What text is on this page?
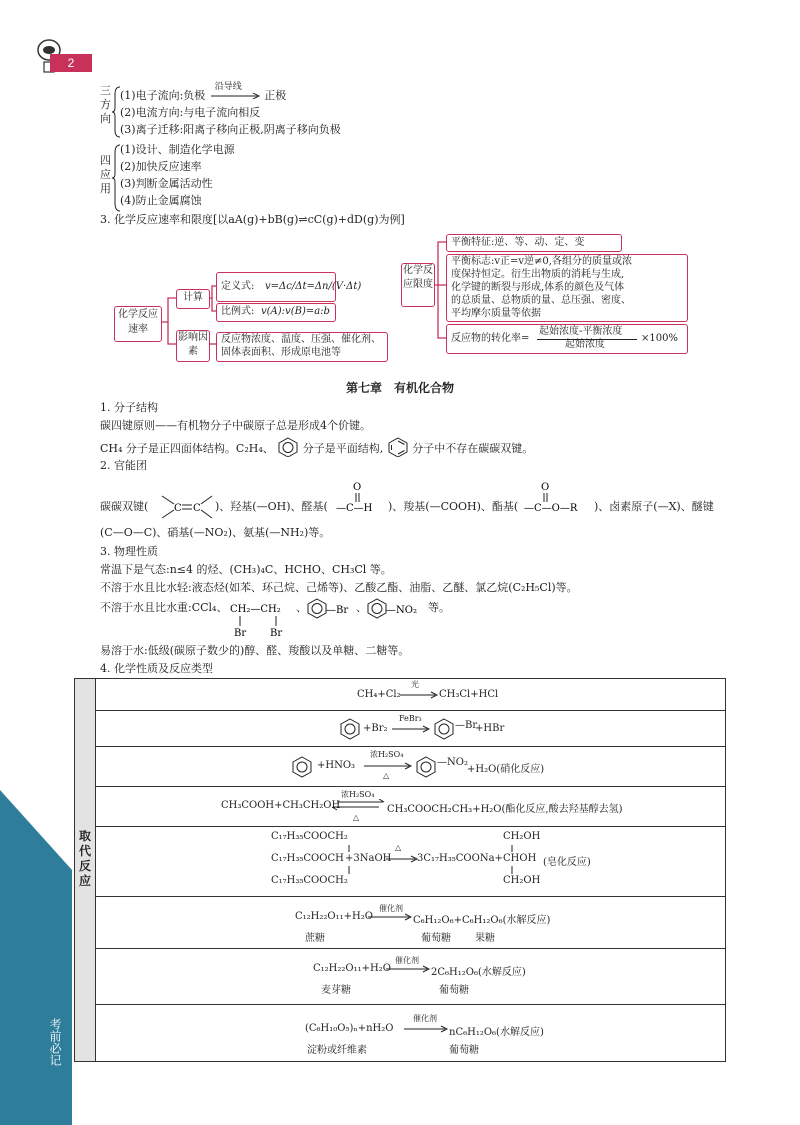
考前必记
2
三
方
向
(1)电子流向:负极
沿导线
正极
(2)电流方向:与电子流向相反
(3)离子迁移:阳离子移向正极,阴离子移向负极
四
应
用
(1)设计、制造化学电源
(2)加快反应速率
(3)判断金属活动性
(4)防止金属腐蚀
3. 化学反应速率和限度[以aA(g)+bB(g)⇌cC(g)+dD(g)为例]
化学反应速率
计算
定义式: v=Δc/Δt=Δn/(V·Δt)
比例式: v(A):v(B)=a:b
影响因素
反应物浓度、温度、压强、催化剂、
固体表面积、形成原电池等
化学反应限度
平衡特征:逆、等、动、定、变
平衡标志:v正=v逆≠0,各组分的质量或浓
度保持恒定。衍生出物质的消耗与生成,
化学键的断裂与形成,体系的颜色及气体
的总质量、总物质的量、总压强、密度、
平均摩尔质量等依据
反应物的转化率=
起始浓度-平衡浓度
起始浓度
×100%
第七章　有机化合物
1. 分子结构
碳四键原则——有机物分子中碳原子总是形成4个价键。
CH₄ 分子是正四面体结构。C₂H₄、	分子是平面结构,	分子中不存在碳碳双键。
2. 官能团
碳碳双键(	C C )、羟基(—OH)、醛基(
O
—C—H )、羧基(—COOH)、酯基(
O
—C—O—R )、卤素原子(—X)、醚键
(C—O—C)、硝基(—NO₂)、氨基(—NH₂)等。
3. 物理性质
常温下是气态:n≤4 的烃、(CH₃)₄C、HCHO、CH₃Cl 等。
不溶于水且比水轻:液态烃(如苯、环己烷、己烯等)、乙酸乙酯、油脂、乙醚、氯乙烷(C₂H₅Cl)等。
不溶于水且比水重:CCl₄、 CH₂—CH₂
Br Br
、 —Br 、 —NO₂ 等。
易溶于水:低级(碳原子数少的)醇、醛、羧酸以及单糖、二糖等。
4. 化学性质及反应类型
取代反应
CH₄+Cl₂
光
CH₃Cl+HCl
+Br₂
FeBr₃
—Br
+HBr
+HNO₃
浓H₂SO₄
△
—NO₂
+H₂O(硝化反应)
CH₃COOH+CH₃CH₂OH
浓H₂SO₄
△
CH₃COOCH₂CH₃+H₂O(酯化反应,酸去羟基醇去氢)
C₁₇H₃₅COOCH₂
C₁₇H₃₅COOCH
C₁₇H₃₅COOCH₂
+3NaOH
△
3C₁₇H₃₅COONa+
CH₂OH
CHOH
CH₂OH
(皂化反应)
C₁₂H₂₂O₁₁+H₂O
催化剂
C₆H₁₂O₆+C₆H₁₂O₆(水解反应)
蔗糖	葡萄糖 果糖
C₁₂H₂₂O₁₁+H₂O
催化剂
2C₆H₁₂O₆(水解反应)
麦芽糖	葡萄糖
(C₆H₁₀O₅)ₙ+nH₂O
催化剂
nC₆H₁₂O₆(水解反应)
淀粉或纤维素	葡萄糖
